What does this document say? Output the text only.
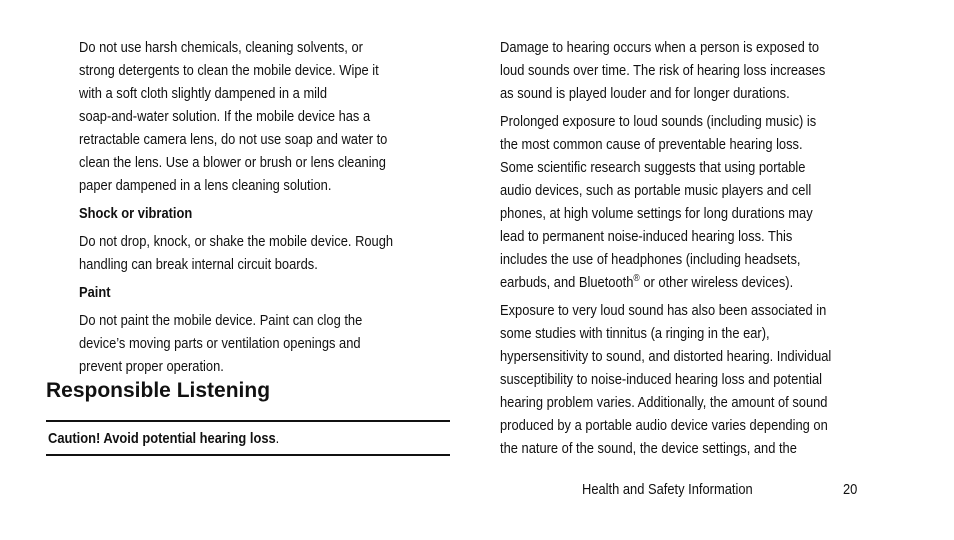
Do not use harsh chemicals, cleaning solvents, or
strong detergents to clean the mobile device. Wipe it
with a soft cloth slightly dampened in a mild
soap-and-water solution. If the mobile device has a
retractable camera lens, do not use soap and water to
clean the lens. Use a blower or brush or lens cleaning
paper dampened in a lens cleaning solution.
Shock or vibration
Do not drop, knock, or shake the mobile device. Rough
handling can break internal circuit boards.
Paint
Do not paint the mobile device. Paint can clog the
device’s moving parts or ventilation openings and
prevent proper operation.
Responsible Listening
Caution! Avoid potential hearing loss.
Damage to hearing occurs when a person is exposed to
loud sounds over time. The risk of hearing loss increases
as sound is played louder and for longer durations.
Prolonged exposure to loud sounds (including music) is
the most common cause of preventable hearing loss.
Some scientific research suggests that using portable
audio devices, such as portable music players and cell
phones, at high volume settings for long durations may
lead to permanent noise-induced hearing loss. This
includes the use of headphones (including headsets,
earbuds, and Bluetooth® or other wireless devices).
Exposure to very loud sound has also been associated in
some studies with tinnitus (a ringing in the ear),
hypersensitivity to sound, and distorted hearing. Individual
susceptibility to noise-induced hearing loss and potential
hearing problem varies. Additionally, the amount of sound
produced by a portable audio device varies depending on
the nature of the sound, the device settings, and the
Health and Safety Information	20
